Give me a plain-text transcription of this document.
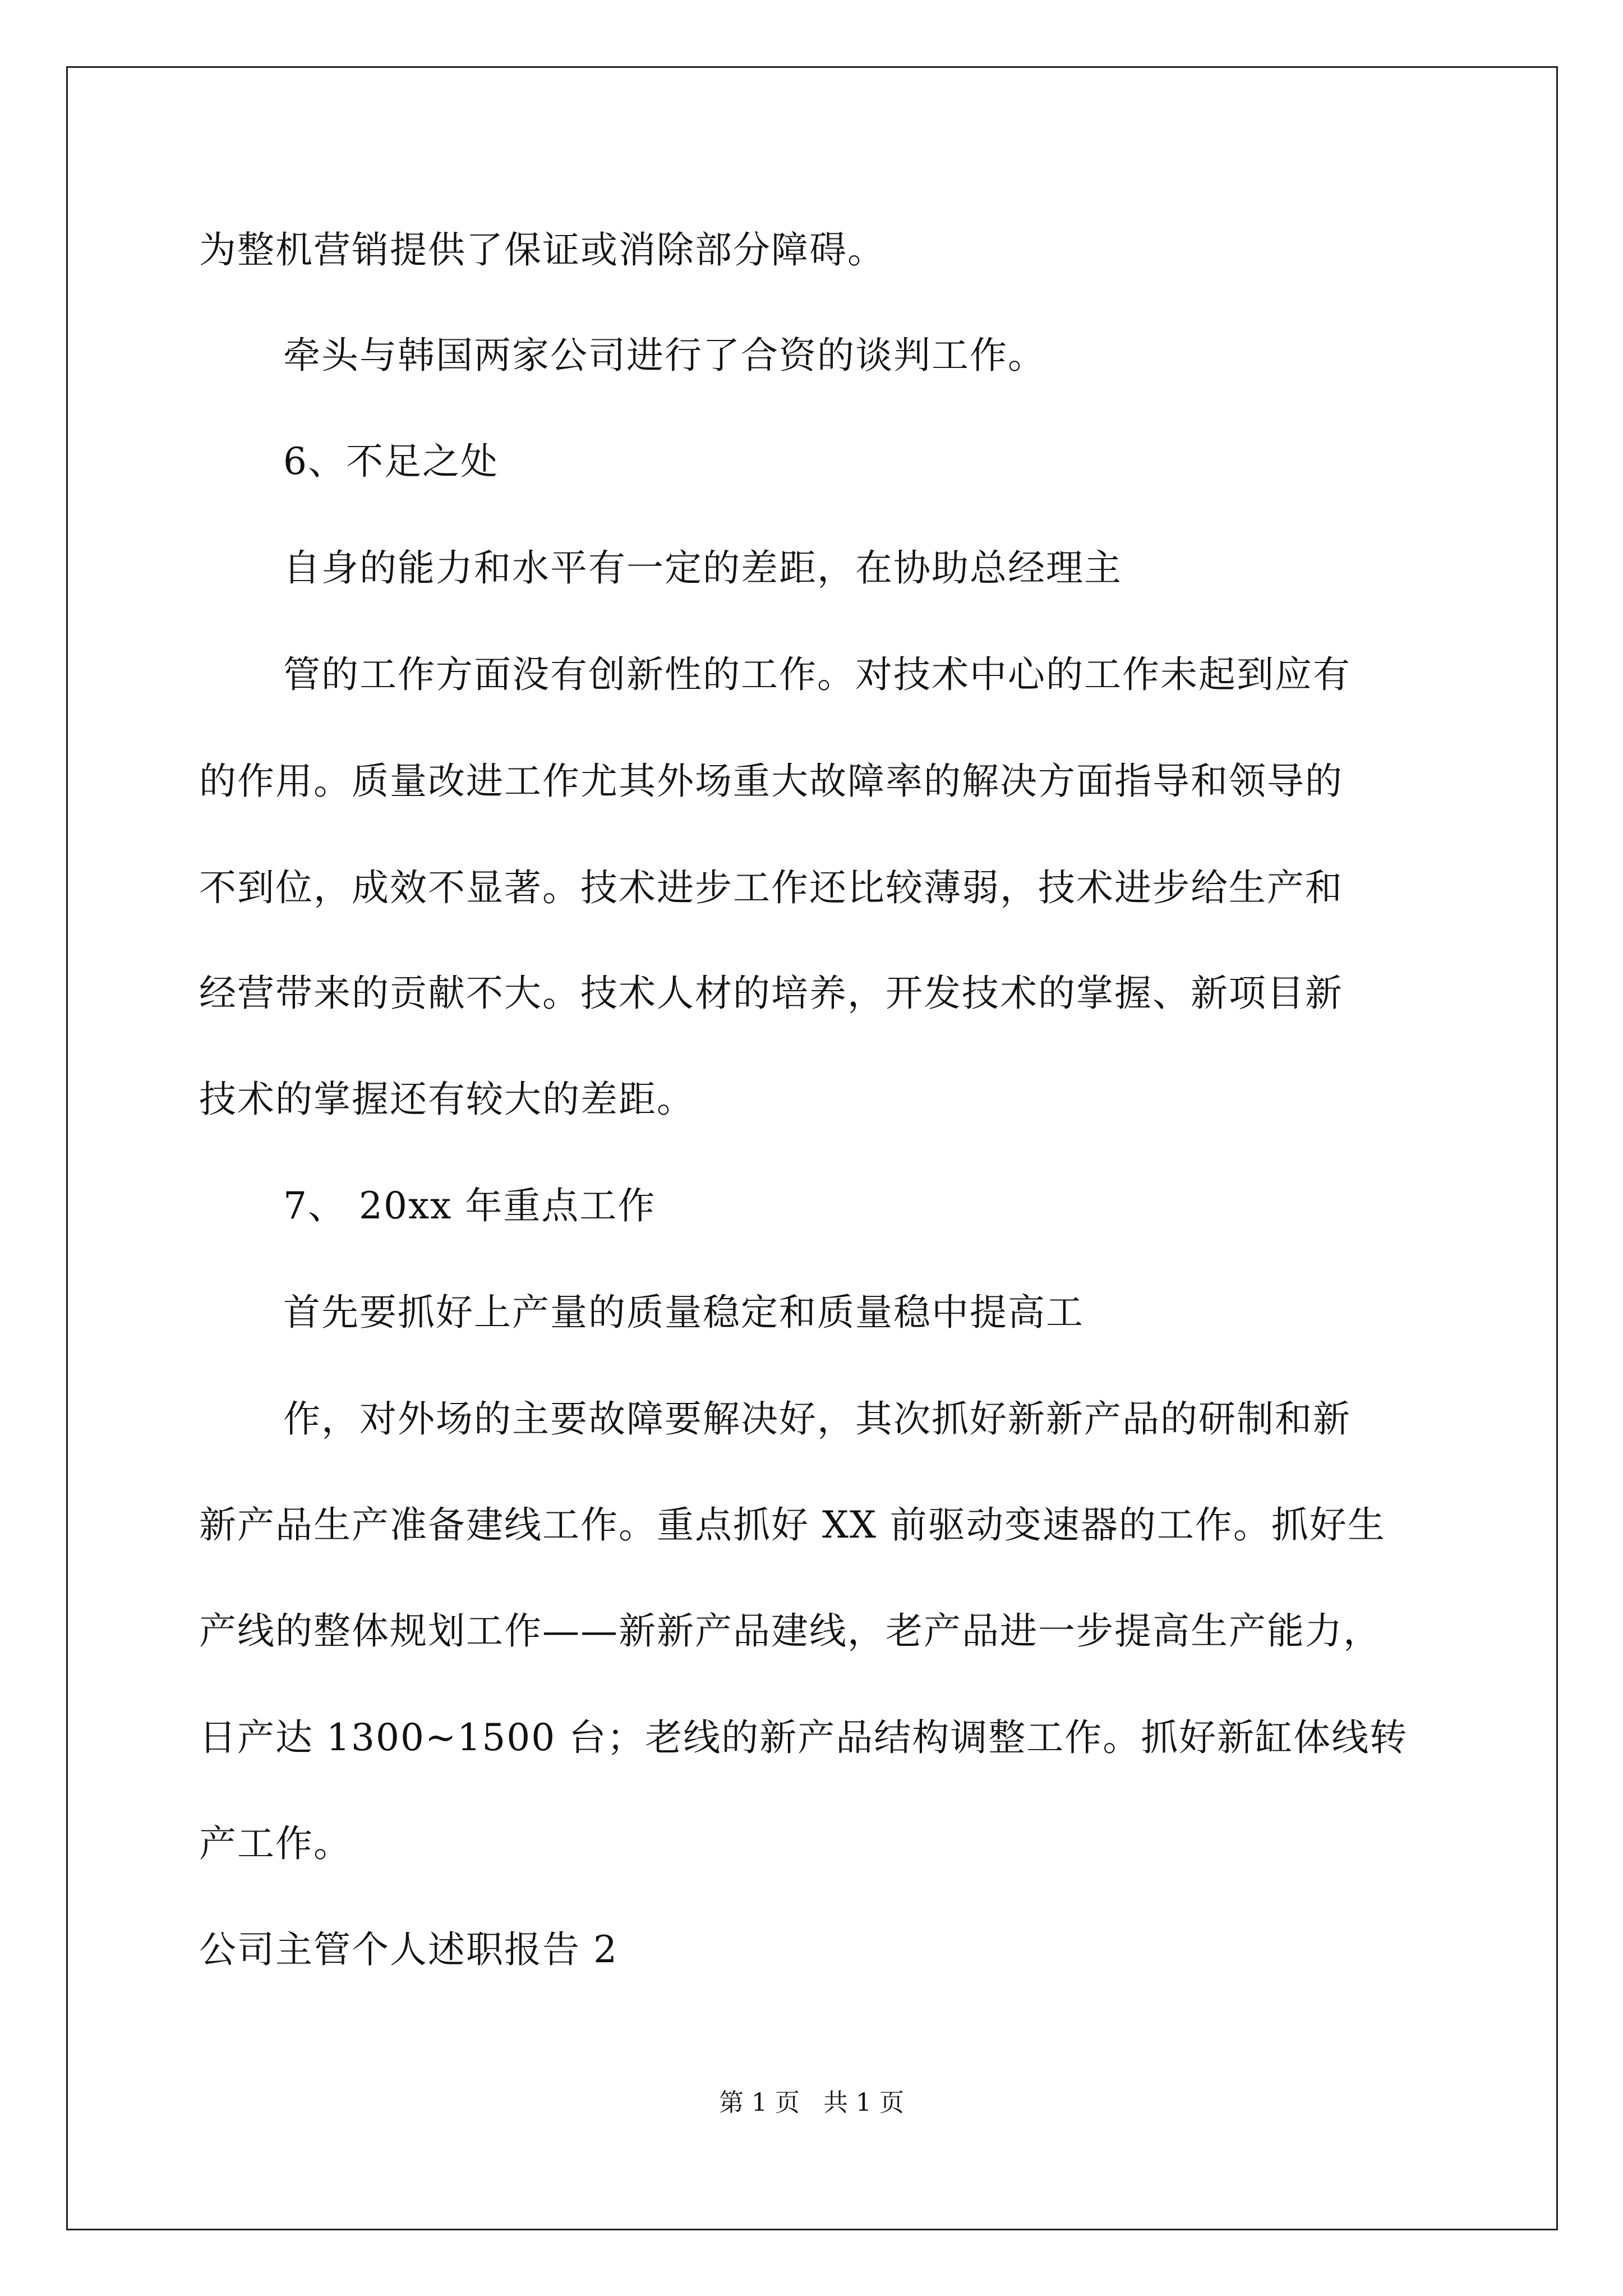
为整机营销提供了保证或消除部分障碍。
牵头与韩国两家公司进行了合资的谈判工作。
6、不足之处
自身的能力和水平有一定的差距，在协助总经理主
管的工作方面没有创新性的工作。对技术中心的工作未起到应有
的作用。质量改进工作尤其外场重大故障率的解决方面指导和领导的
不到位，成效不显著。技术进步工作还比较薄弱，技术进步给生产和
经营带来的贡献不大。技术人材的培养，开发技术的掌握、新项目新
技术的掌握还有较大的差距。
7、 20xx 年重点工作
首先要抓好上产量的质量稳定和质量稳中提高工
作，对外场的主要故障要解决好，其次抓好新新产品的研制和新
新产品生产准备建线工作。重点抓好 XX 前驱动变速器的工作。抓好生
产线的整体规划工作——新新产品建线，老产品进一步提高生产能力，
日产达 1300~1500 台；老线的新产品结构调整工作。抓好新缸体线转
产工作。
公司主管个人述职报告 2
第 1 页   共 1 页
